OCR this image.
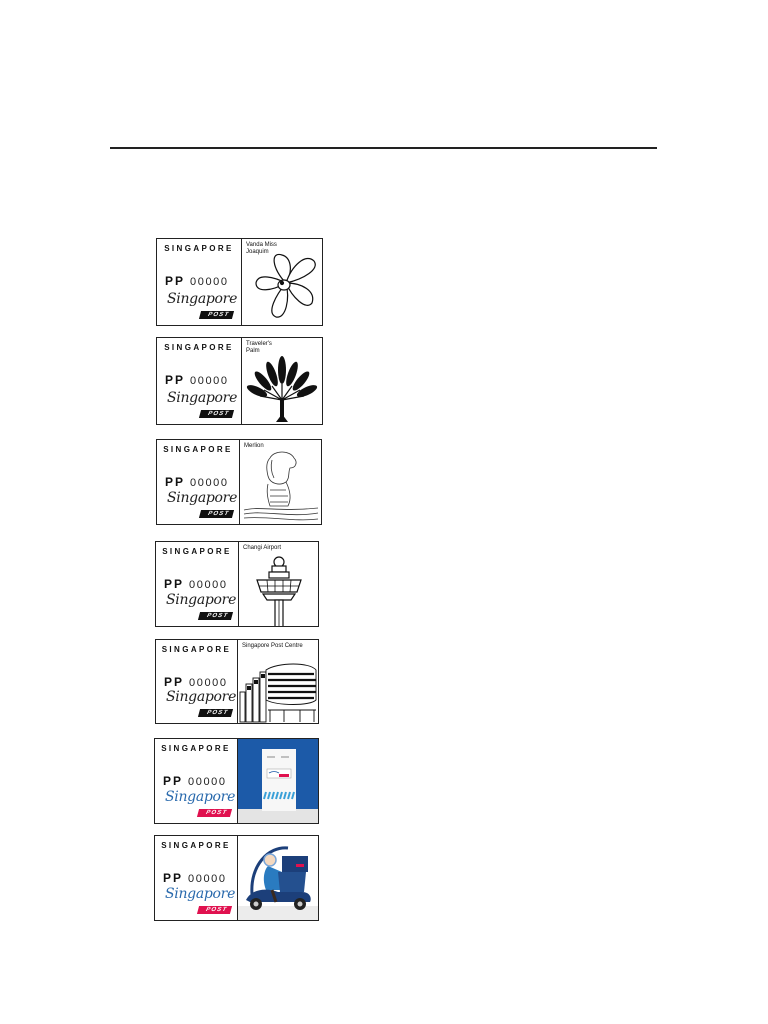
SINGAPORE
PP 00000
Singapore
POST
Vanda Miss
Joaquim
SINGAPORE
PP 00000
Singapore
POST
Traveler's
Palm
SINGAPORE
PP 00000
Singapore
POST
Merlion
SINGAPORE
PP 00000
Singapore
POST
Changi Airport
SINGAPORE
PP 00000
Singapore
POST
Singapore Post Centre
SINGAPORE
PP 00000
Singapore
POST
SINGAPORE
PP 00000
Singapore
POST
